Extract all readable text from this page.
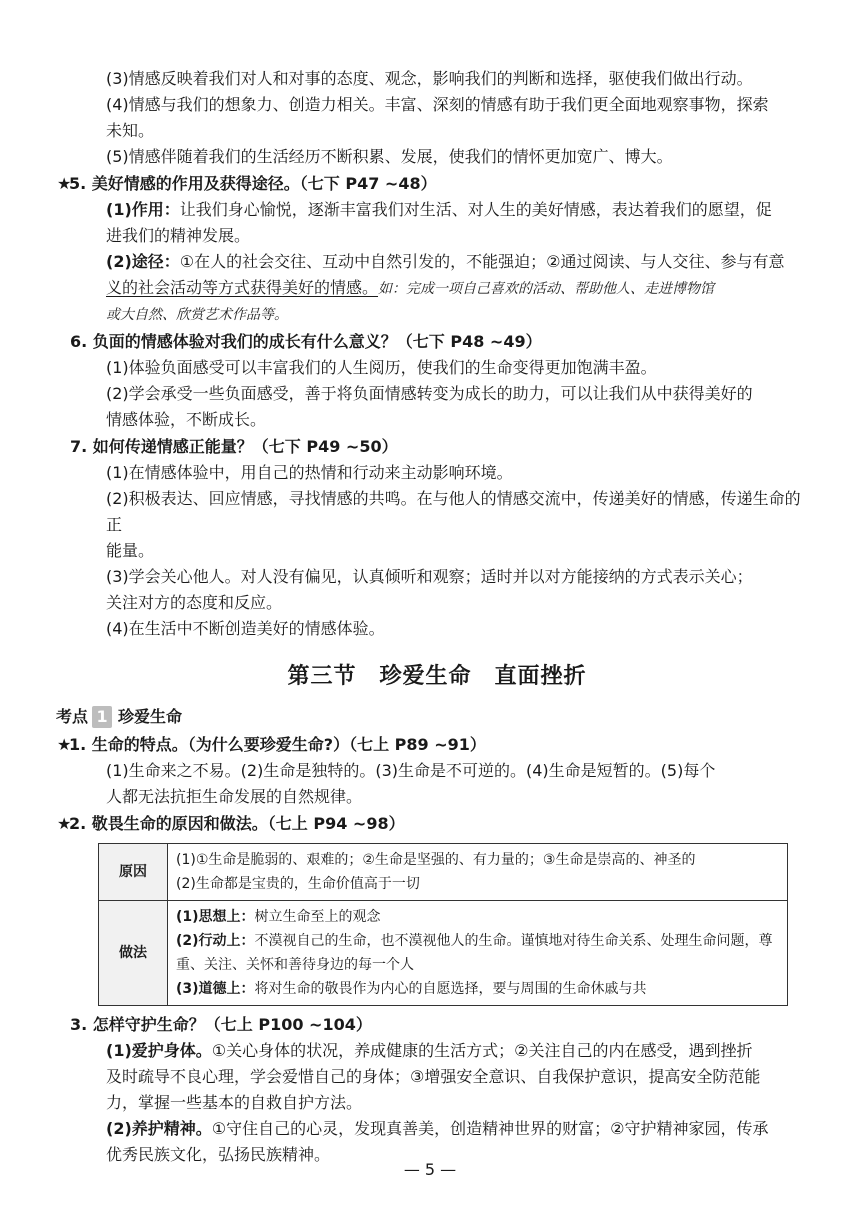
(3)情感反映着我们对人和对事的态度、观念，影响我们的判断和选择，驱使我们做出行动。

(4)情感与我们的想象力、创造力相关。丰富、深刻的情感有助于我们更全面地观察事物，探索

未知。

(5)情感伴随着我们的生活经历不断积累、发展，使我们的情怀更加宽广、博大。

★5. 美好情感的作用及获得途径。（七下 P47 ~48）

(1)作用：让我们身心愉悦，逐渐丰富我们对生活、对人生的美好情感，表达着我们的愿望，促

进我们的精神发展。

(2)途径：①在人的社会交往、互动中自然引发的，不能强迫；②通过阅读、与人交往、参与有意

义的社会活动等方式获得美好的情感。如：完成一项自己喜欢的活动、帮助他人、走进博物馆

或大自然、欣赏艺术作品等。

6. 负面的情感体验对我们的成长有什么意义？（七下 P48 ~49）

(1)体验负面感受可以丰富我们的人生阅历，使我们的生命变得更加饱满丰盈。

(2)学会承受一些负面感受，善于将负面情感转变为成长的助力，可以让我们从中获得美好的

情感体验，不断成长。

7. 如何传递情感正能量？（七下 P49 ~50）

(1)在情感体验中，用自己的热情和行动来主动影响环境。

(2)积极表达、回应情感，寻找情感的共鸣。在与他人的情感交流中，传递美好的情感，传递生命的正

能量。

(3)学会关心他人。对人没有偏见，认真倾听和观察；适时并以对方能接纳的方式表示关心；

关注对方的态度和反应。

(4)在生活中不断创造美好的情感体验。

第三节　珍爱生命　直面挫折

考点 1 珍爱生命

★1. 生命的特点。（为什么要珍爱生命?）（七上 P89 ~91）

(1)生命来之不易。(2)生命是独特的。(3)生命是不可逆的。(4)生命是短暂的。(5)每个

人都无法抗拒生命发展的自然规律。

★2. 敬畏生命的原因和做法。（七上 P94 ~98）

原因	(1)①生命是脆弱的、艰难的；②生命是坚强的、有力量的；③生命是崇高的、神圣的
(2)生命都是宝贵的，生命价值高于一切

做法	(1)思想上：树立生命至上的观念
(2)行动上：不漠视自己的生命，也不漠视他人的生命。谨慎地对待生命关系、处理生命问题，尊
重、关注、关怀和善待身边的每一个人
(3)道德上：将对生命的敬畏作为内心的自愿选择，要与周围的生命休戚与共

3. 怎样守护生命？（七上 P100 ~104）

(1)爱护身体。①关心身体的状况，养成健康的生活方式；②关注自己的内在感受，遇到挫折

及时疏导不良心理，学会爱惜自己的身体；③增强安全意识、自我保护意识，提高安全防范能

力，掌握一些基本的自救自护方法。

(2)养护精神。①守住自己的心灵，发现真善美，创造精神世界的财富；②守护精神家园，传承

优秀民族文化，弘扬民族精神。

— 5 —
